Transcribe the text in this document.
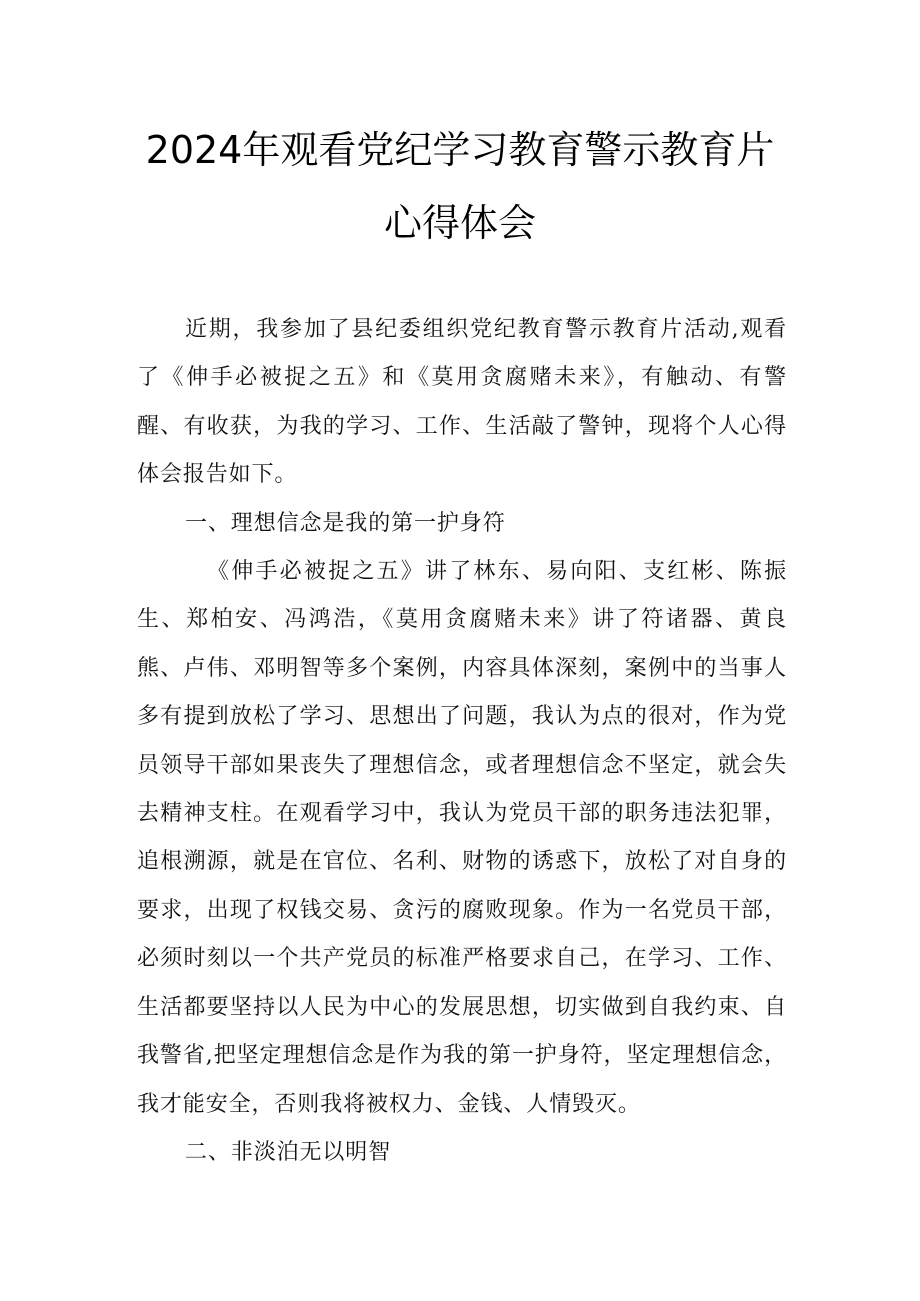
2024年观看党纪学习教育警示教育片
心得体会

近期，我参加了县纪委组织党纪教育警示教育片活动,观看了《伸手必被捉之五》和《莫用贪腐赌未来》，有触动、有警醒、有收获，为我的学习、工作、生活敲了警钟，现将个人心得体会报告如下。

一、理想信念是我的第一护身符

《伸手必被捉之五》讲了林东、易向阳、支红彬、陈振生、郑柏安、冯鸿浩，《莫用贪腐赌未来》讲了符诸器、黄良熊、卢伟、邓明智等多个案例，内容具体深刻，案例中的当事人多有提到放松了学习、思想出了问题，我认为点的很对，作为党员领导干部如果丧失了理想信念，或者理想信念不坚定，就会失去精神支柱。在观看学习中，我认为党员干部的职务违法犯罪，追根溯源，就是在官位、名利、财物的诱惑下，放松了对自身的要求，出现了权钱交易、贪污的腐败现象。作为一名党员干部，必须时刻以一个共产党员的标准严格要求自己，在学习、工作、生活都要坚持以人民为中心的发展思想，切实做到自我约束、自我警省,把坚定理想信念是作为我的第一护身符，坚定理想信念，我才能安全，否则我将被权力、金钱、人情毁灭。

二、非淡泊无以明智
